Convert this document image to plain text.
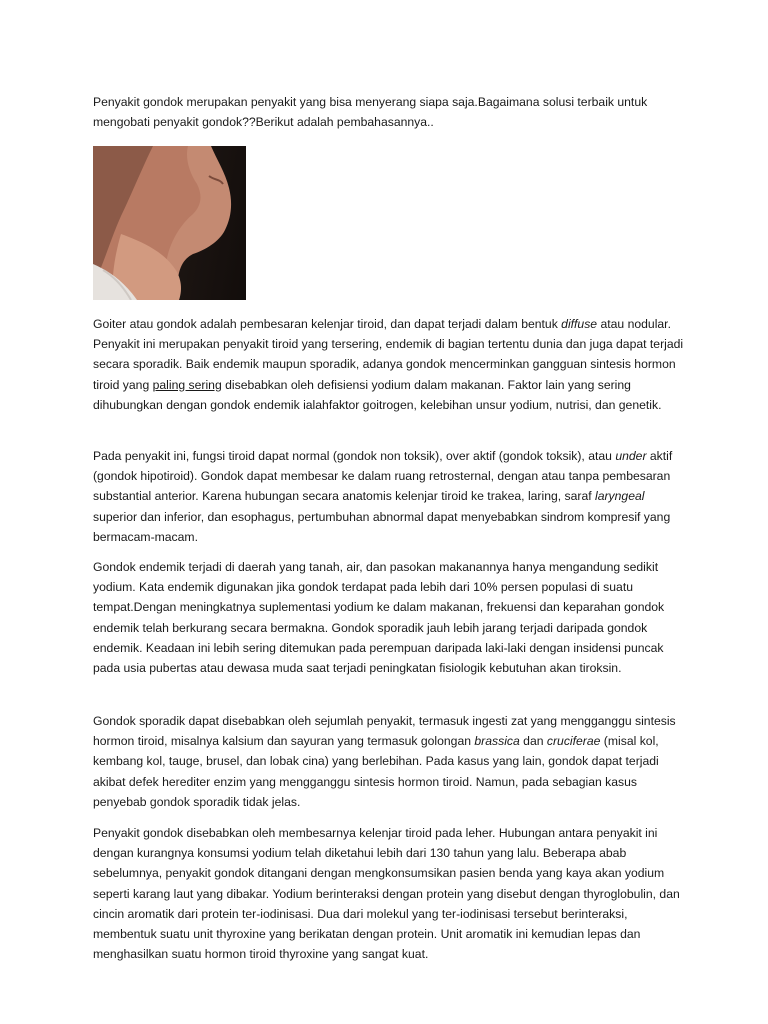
Penyakit gondok merupakan penyakit yang bisa menyerang siapa saja.Bagaimana solusi terbaik untuk mengobati penyakit gondok??Berikut adalah pembahasannya..

Goiter atau gondok adalah pembesaran kelenjar tiroid, dan dapat terjadi dalam bentuk diffuse atau nodular. Penyakit ini merupakan penyakit tiroid yang tersering, endemik di bagian tertentu dunia dan juga dapat terjadi secara sporadik. Baik endemik maupun sporadik, adanya gondok mencerminkan gangguan sintesis hormon tiroid yang paling sering disebabkan oleh defisiensi yodium dalam makanan. Faktor lain yang sering dihubungkan dengan gondok endemik ialahfaktor goitrogen, kelebihan unsur yodium, nutrisi, dan genetik.

Pada penyakit ini, fungsi tiroid dapat normal (gondok non toksik), over aktif (gondok toksik), atau under aktif (gondok hipotiroid). Gondok dapat membesar ke dalam ruang retrosternal, dengan atau tanpa pembesaran substantial anterior. Karena hubungan secara anatomis kelenjar tiroid ke trakea, laring, saraf laryngeal superior dan inferior, dan esophagus, pertumbuhan abnormal dapat menyebabkan sindrom kompresif yang bermacam-macam.

Gondok endemik terjadi di daerah yang tanah, air, dan pasokan makanannya hanya mengandung sedikit yodium. Kata endemik digunakan jika gondok terdapat pada lebih dari 10% persen populasi di suatu tempat.Dengan meningkatnya suplementasi yodium ke dalam makanan, frekuensi dan keparahan gondok endemik telah berkurang secara bermakna. Gondok sporadik jauh lebih jarang terjadi daripada gondok endemik. Keadaan ini lebih sering ditemukan pada perempuan daripada laki-laki dengan insidensi puncak pada usia pubertas atau dewasa muda saat terjadi peningkatan fisiologik kebutuhan akan tiroksin.

Gondok sporadik dapat disebabkan oleh sejumlah penyakit, termasuk ingesti zat yang mengganggu sintesis hormon tiroid, misalnya kalsium dan sayuran yang termasuk golongan brassica dan cruciferae (misal kol, kembang kol, tauge, brusel, dan lobak cina) yang berlebihan. Pada kasus yang lain, gondok dapat terjadi akibat defek herediter enzim yang mengganggu sintesis hormon tiroid. Namun, pada sebagian kasus penyebab gondok sporadik tidak jelas.

Penyakit gondok disebabkan oleh membesarnya kelenjar tiroid pada leher. Hubungan antara penyakit ini dengan kurangnya konsumsi yodium telah diketahui lebih dari 130 tahun yang lalu. Beberapa abab sebelumnya, penyakit gondok ditangani dengan mengkonsumsikan pasien benda yang kaya akan yodium seperti karang laut yang dibakar. Yodium berinteraksi dengan protein yang disebut dengan thyroglobulin, dan cincin aromatik dari protein ter-iodinisasi. Dua dari molekul yang ter-iodinisasi tersebut berinteraksi, membentuk suatu unit thyroxine yang berikatan dengan protein. Unit aromatik ini kemudian lepas dan menghasilkan suatu hormon tiroid thyroxine yang sangat kuat.
